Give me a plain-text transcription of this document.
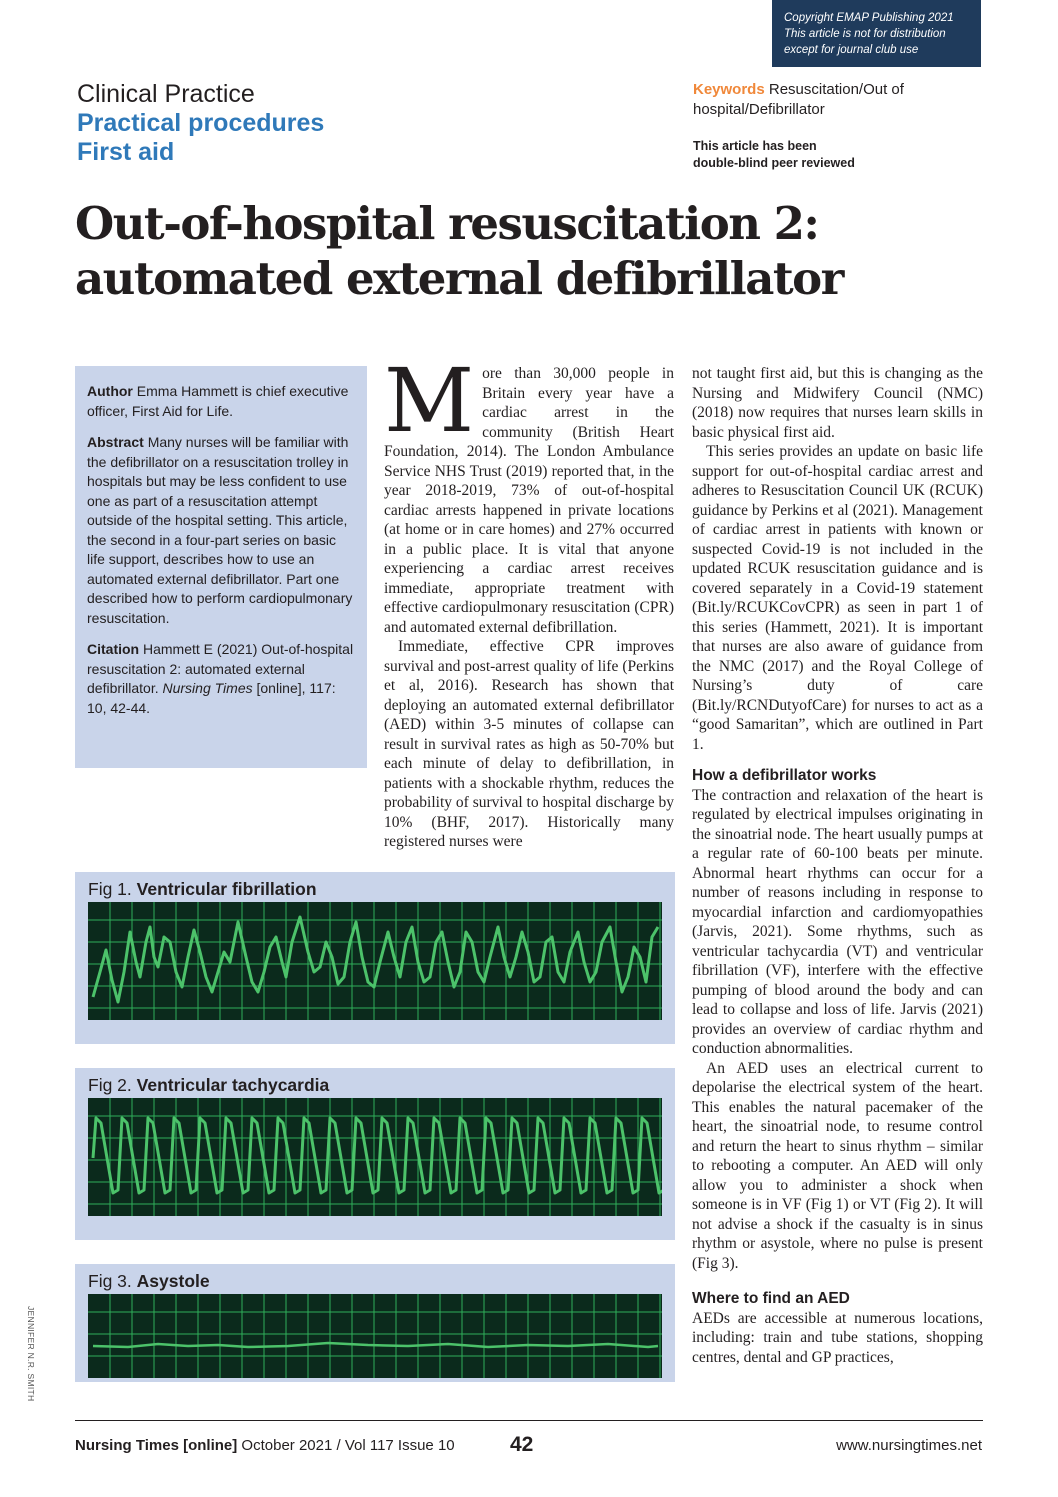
Copyright EMAP Publishing 2021
This article is not for distribution
except for journal club use
Clinical Practice
Practical procedures
First aid
Keywords Resuscitation/Out of hospital/Defibrillator
This article has been
double-blind peer reviewed
Out-of-hospital resuscitation 2:
automated external defibrillator

Author Emma Hammett is chief executive officer, First Aid for Life.

Abstract Many nurses will be familiar with the defibrillator on a resuscitation trolley in hospitals but may be less confident to use one as part of a resuscitation attempt outside of the hospital setting. This article, the second in a four-part series on basic life support, describes how to use an automated external defibrillator. Part one described how to perform cardiopulmonary resuscitation.

Citation Hammett E (2021) Out-of-hospital resuscitation 2: automated external defibrillator. Nursing Times [online], 117: 10, 42-44.

More than 30,000 people in Britain every year have a cardiac arrest in the community (British Heart Foundation, 2014). The London Ambulance Service NHS Trust (2019) reported that, in the year 2018-2019, 73% of out-of-hospital cardiac arrests happened in private locations (at home or in care homes) and 27% occurred in a public place. It is vital that anyone experiencing a cardiac arrest receives immediate, appropriate treatment with effective cardiopulmonary resuscitation (CPR) and automated external defibrillation.

Immediate, effective CPR improves survival and post-arrest quality of life (Perkins et al, 2016). Research has shown that deploying an automated external defibrillator (AED) within 3-5 minutes of collapse can result in survival rates as high as 50-70% but each minute of delay to defibrillation, in patients with a shockable rhythm, reduces the probability of survival to hospital discharge by 10% (BHF, 2017). Historically many registered nurses were

not taught first aid, but this is changing as the Nursing and Midwifery Council (NMC) (2018) now requires that nurses learn skills in basic physical first aid.

This series provides an update on basic life support for out-of-hospital cardiac arrest and adheres to Resuscitation Council UK (RCUK) guidance by Perkins et al (2021). Management of cardiac arrest in patients with known or suspected Covid-19 is not included in the updated RCUK resuscitation guidance and is covered separately in a Covid-19 statement (Bit.ly/RCUKCovCPR) as seen in part 1 of this series (Hammett, 2021). It is important that nurses are also aware of guidance from the NMC (2017) and the Royal College of Nursing’s duty of care (Bit.ly/RCNDutyofCare) for nurses to act as a “good Samaritan”, which are outlined in Part 1.

How a defibrillator works

The contraction and relaxation of the heart is regulated by electrical impulses originating in the sinoatrial node. The heart usually pumps at a regular rate of 60-100 beats per minute. Abnormal heart rhythms can occur for a number of reasons including in response to myocardial infarction and cardiomyopathies (Jarvis, 2021). Some rhythms, such as ventricular tachycardia (VT) and ventricular fibrillation (VF), interfere with the effective pumping of blood around the body and can lead to collapse and loss of life. Jarvis (2021) provides an overview of cardiac rhythm and conduction abnormalities.

An AED uses an electrical current to depolarise the electrical system of the heart. This enables the natural pacemaker of the heart, the sinoatrial node, to resume control and return the heart to sinus rhythm – similar to rebooting a computer. An AED will only allow you to administer a shock when someone is in VF (Fig 1) or VT (Fig 2). It will not advise a shock if the casualty is in sinus rhythm or asystole, where no pulse is present (Fig 3).

Where to find an AED

AEDs are accessible at numerous locations, including: train and tube stations, shopping centres, dental and GP practices,

Fig 1. Ventricular fibrillation
Fig 2. Ventricular tachycardia
Fig 3. Asystole
JENNIFER N.R. SMITH
Nursing Times [online] October 2021 / Vol 117 Issue 10	42	www.nursingtimes.net
